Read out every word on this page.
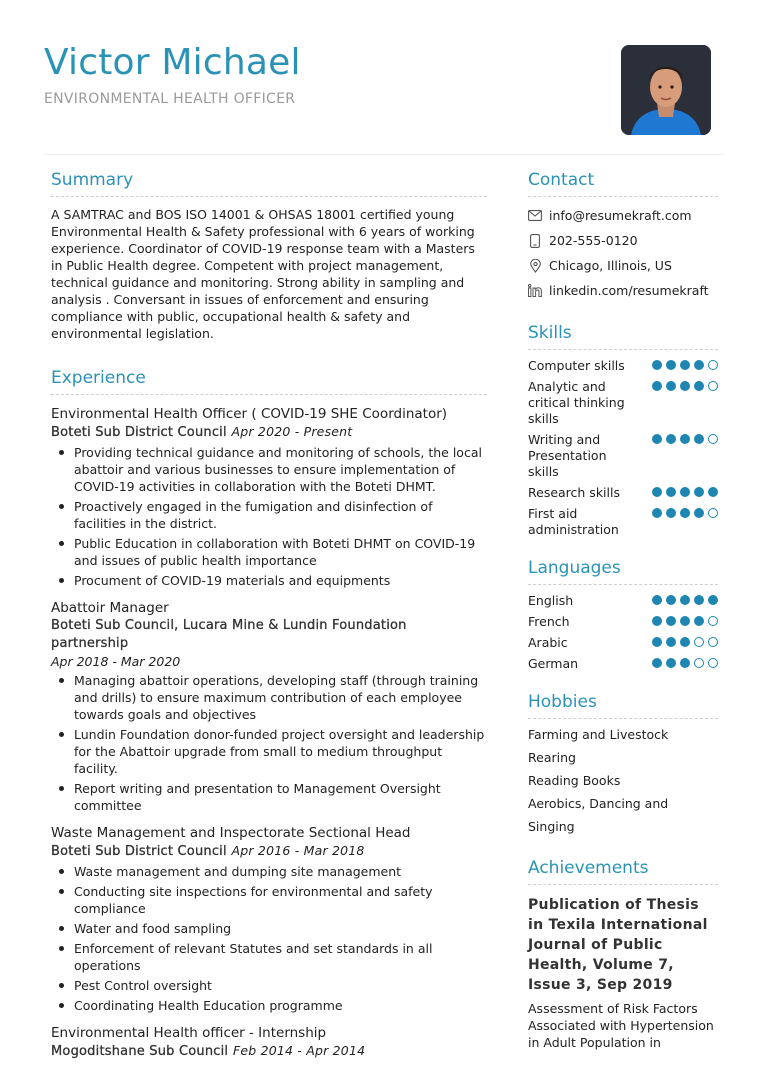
Victor Michael
ENVIRONMENTAL HEALTH OFFICER
Summary
A SAMTRAC and BOS ISO 14001 & OHSAS 18001 certified young Environmental Health & Safety professional with 6 years of working experience. Coordinator of COVID-19 response team with a Masters in Public Health degree. Competent with project management, technical guidance and monitoring. Strong ability in sampling and analysis . Conversant in issues of enforcement and ensuring compliance with public, occupational health & safety and environmental legislation.
Experience
Environmental Health Officer ( COVID-19 SHE Coordinator)
Boteti Sub District Council Apr 2020 - Present
Providing technical guidance and monitoring of schools, the local abattoir and various businesses to ensure implementation of COVID-19 activities in collaboration with the Boteti DHMT.
Proactively engaged in the fumigation and disinfection of facilities in the district.
Public Education in collaboration with Boteti DHMT on COVID-19 and issues of public health importance
Procument of COVID-19 materials and equipments
Abattoir Manager
Boteti Sub Council, Lucara Mine & Lundin Foundation partnership
Apr 2018 - Mar 2020
Managing abattoir operations, developing staff (through training and drills) to ensure maximum contribution of each employee towards goals and objectives
Lundin Foundation donor-funded project oversight and leadership for the Abattoir upgrade from small to medium throughput facility.
Report writing and presentation to Management Oversight committee
Waste Management and Inspectorate Sectional Head
Boteti Sub District Council Apr 2016 - Mar 2018
Waste management and dumping site management
Conducting site inspections for environmental and safety compliance
Water and food sampling
Enforcement of relevant Statutes and set standards in all operations
Pest Control oversight
Coordinating Health Education programme
Environmental Health officer - Internship
Mogoditshane Sub Council Feb 2014 - Apr 2014
Contact
info@resumekraft.com
202-555-0120
Chicago, Illinois, US
linkedin.com/resumekraft
Skills
Computer skills
Analytic and critical thinking skills
Writing and Presentation skills
Research skills
First aid administration
Languages
English
French
Arabic
German
Hobbies
Farming and Livestock Rearing
Reading Books
Aerobics, Dancing and Singing
Achievements
Publication of Thesis in Texila International Journal of Public Health, Volume 7, Issue 3, Sep 2019
Assessment of Risk Factors Associated with Hypertension in Adult Population in
